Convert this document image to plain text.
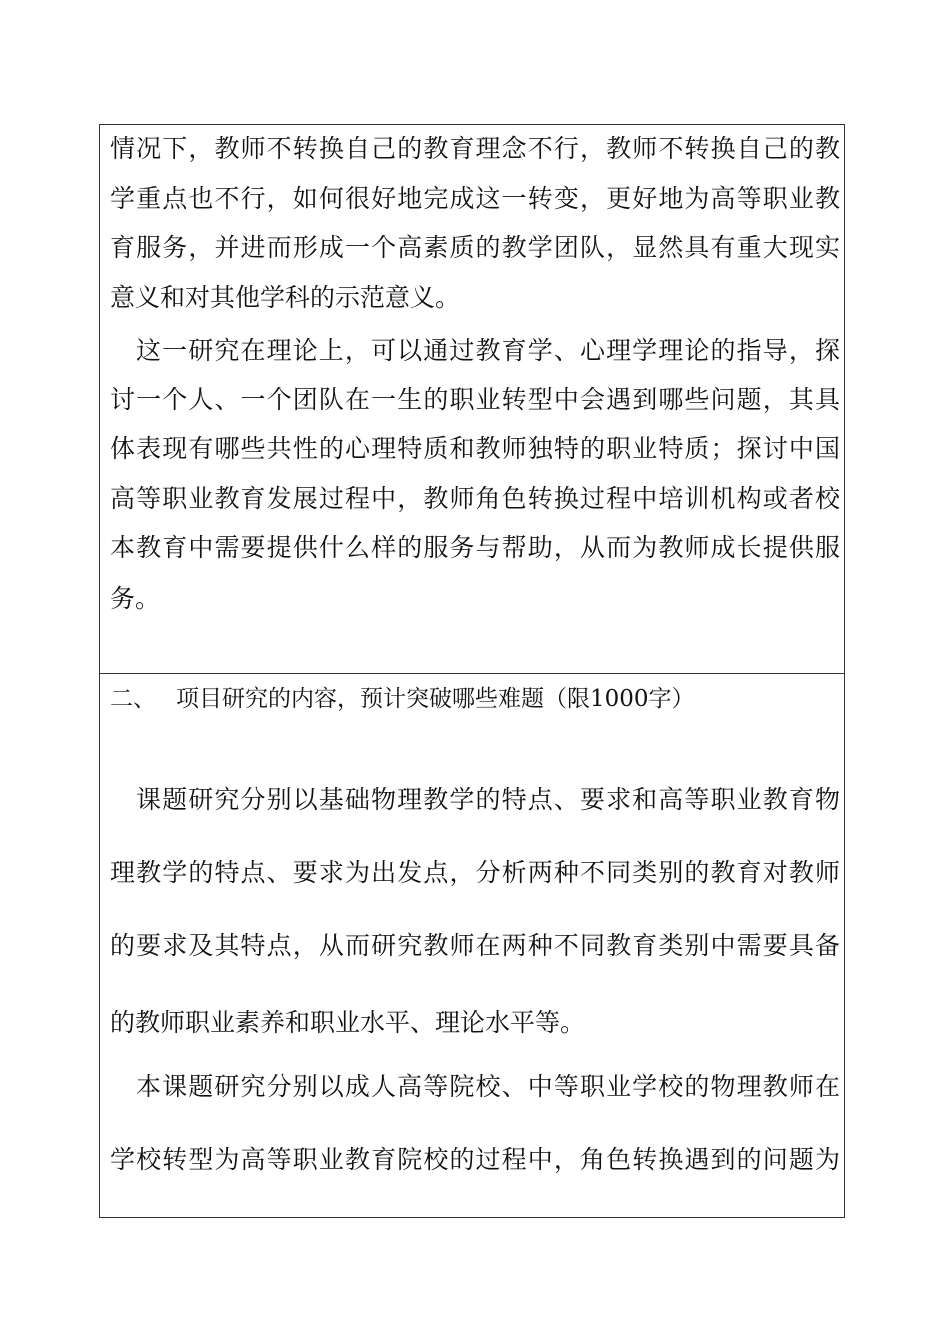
情况下，教师不转换自己的教育理念不行，教师不转换自己的教
学重点也不行，如何很好地完成这一转变，更好地为高等职业教
育服务，并进而形成一个高素质的教学团队，显然具有重大现实
意义和对其他学科的示范意义。
这一研究在理论上，可以通过教育学、心理学理论的指导，探
讨一个人、一个团队在一生的职业转型中会遇到哪些问题，其具
体表现有哪些共性的心理特质和教师独特的职业特质；探讨中国
高等职业教育发展过程中，教师角色转换过程中培训机构或者校
本教育中需要提供什么样的服务与帮助，从而为教师成长提供服
务。
二、 项目研究的内容，预计突破哪些难题（限1000字）
课题研究分别以基础物理教学的特点、要求和高等职业教育物
理教学的特点、要求为出发点，分析两种不同类别的教育对教师
的要求及其特点，从而研究教师在两种不同教育类别中需要具备
的教师职业素养和职业水平、理论水平等。
本课题研究分别以成人高等院校、中等职业学校的物理教师在
学校转型为高等职业教育院校的过程中，角色转换遇到的问题为
